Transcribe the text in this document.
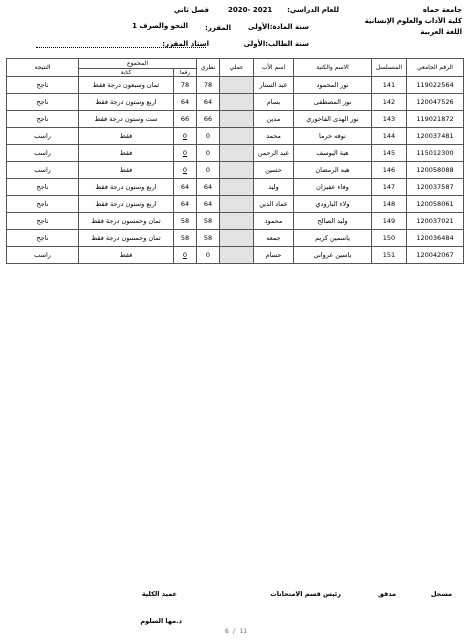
جامعة حماه
كلية الآداب والعلوم الإنسانية
اللغة العربية
للعام الدراسي:
2020- 2021
سنة المادة:الأولى
سنة الطالب:الأولى
فصل ثاني
المقرر:
النحو والصرف 1
استاذ المقرر:
الرقم الجامعي	المتسلسل	الاسم والكنية	اسم الأب	عملي	نظري	المجموع		النتيجة
						رقما	كتابة	
119022564	141	نور المحمود	عبد الستار		78	78	ثمان وسبعون درجة فقط	ناجح
120047526	142	نور المصطفى	بسام		64	64	اربع وستون درجة فقط	ناجح
119021872	143	نور الهدى الفاخوري	مدين		66	66	ست وستون درجة فقط	ناجح
120037481	144	نوفه خرما	محمد		0	0	فقط	راسب
115012300	145	هبة اليوسف	عبد الرحمن		0	0	فقط	راسب
120058088	146	هبه الرمضان	حسين		0	0	فقط	راسب
120037587	147	وفاء عفيزان	وليد		64	64	اربع وستون درجة فقط	ناجح
120058061	148	ولاء البارودي	عماد الدين		64	64	اربع وستون درجة فقط	ناجح
120037021	149	وليد الصالح	محمود		58	58	ثمان وخمسون درجة فقط	ناجح
120036484	150	ياسمين كريم	جمعه		58	58	ثمان وخمسون درجة فقط	ناجح
120042067	151	ياسين عرواني	حسام		0	0	فقط	راسب
مسجل
مدقق
رئيس قسم الامتحانات
عميد الكلية
د.مها السلوم
6 / 11
